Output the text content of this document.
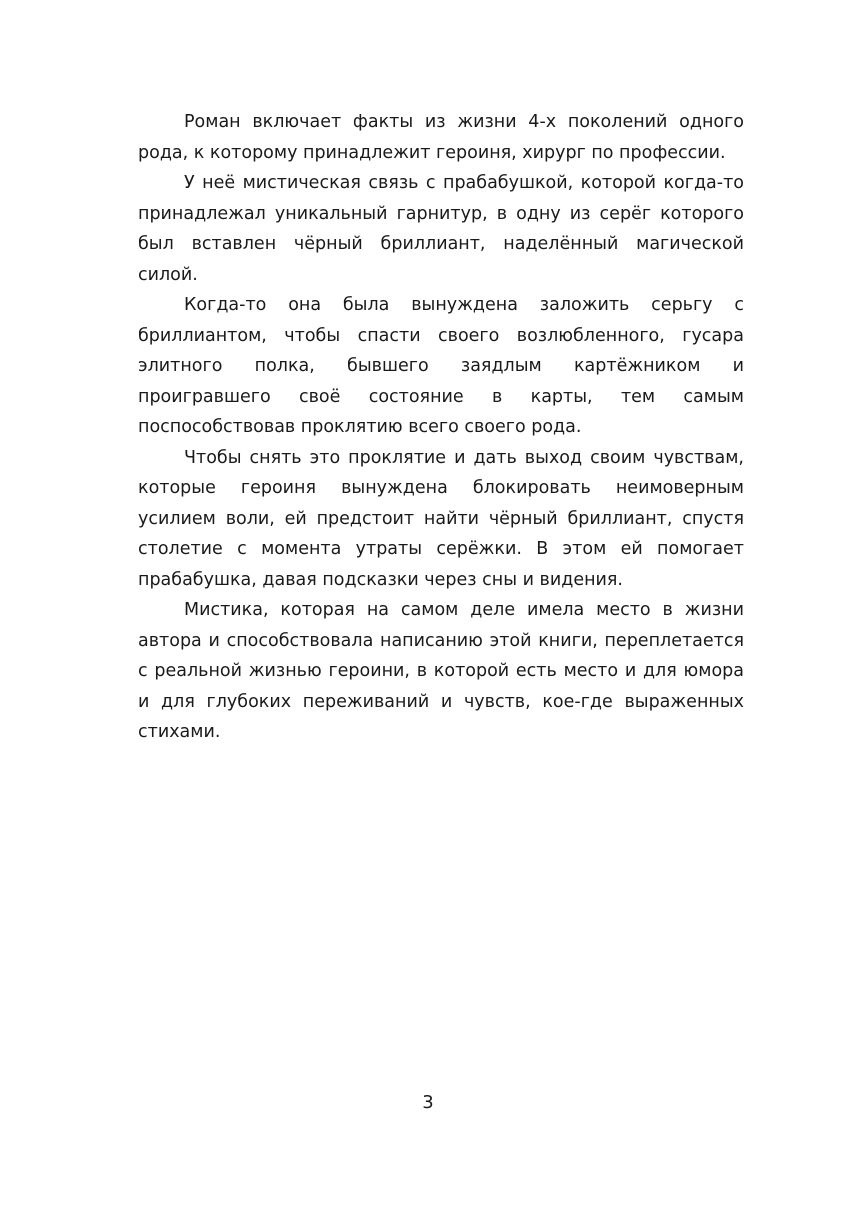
Роман включает факты из жизни 4-х поколений одного рода, к которому принадлежит героиня, хирург по профессии.

У неё мистическая связь с прабабушкой, которой когда-то принадлежал уникальный гарнитур, в одну из серёг которого был вставлен чёрный бриллиант, наделённый магической силой.

Когда-то она была вынуждена заложить серьгу с бриллиантом, чтобы спасти своего возлюбленного, гусара элитного полка, бывшего заядлым картёжником и проигравшего своё состояние в карты, тем самым поспособствовав проклятию всего своего рода.

Чтобы снять это проклятие и дать выход своим чувствам, которые героиня вынуждена блокировать неимоверным усилием воли, ей предстоит найти чёрный бриллиант, спустя столетие с момента утраты серёжки. В этом ей помогает прабабушка, давая подсказки через сны и видения.

Мистика, которая на самом деле имела место в жизни автора и способствовала написанию этой книги, переплетается с реальной жизнью героини, в которой есть место и для юмора и для глубоких переживаний и чувств, кое-где выраженных стихами.

3
